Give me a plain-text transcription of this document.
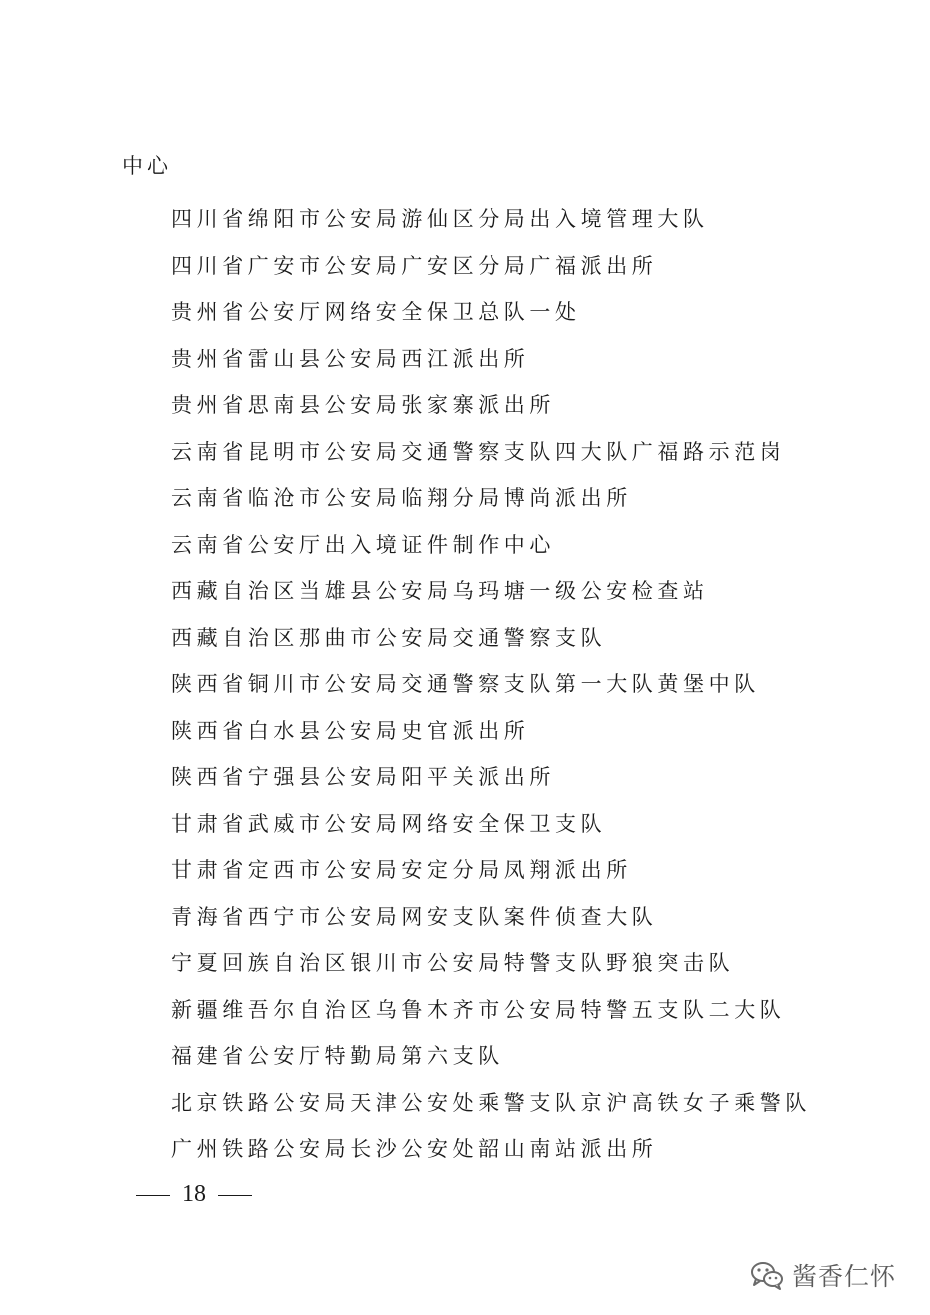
中心
四川省绵阳市公安局游仙区分局出入境管理大队
四川省广安市公安局广安区分局广福派出所
贵州省公安厅网络安全保卫总队一处
贵州省雷山县公安局西江派出所
贵州省思南县公安局张家寨派出所
云南省昆明市公安局交通警察支队四大队广福路示范岗
云南省临沧市公安局临翔分局博尚派出所
云南省公安厅出入境证件制作中心
西藏自治区当雄县公安局乌玛塘一级公安检查站
西藏自治区那曲市公安局交通警察支队
陕西省铜川市公安局交通警察支队第一大队黄堡中队
陕西省白水县公安局史官派出所
陕西省宁强县公安局阳平关派出所
甘肃省武威市公安局网络安全保卫支队
甘肃省定西市公安局安定分局凤翔派出所
青海省西宁市公安局网安支队案件侦查大队
宁夏回族自治区银川市公安局特警支队野狼突击队
新疆维吾尔自治区乌鲁木齐市公安局特警五支队二大队
福建省公安厅特勤局第六支队
北京铁路公安局天津公安处乘警支队京沪高铁女子乘警队
广州铁路公安局长沙公安处韶山南站派出所
18
酱香仁怀
